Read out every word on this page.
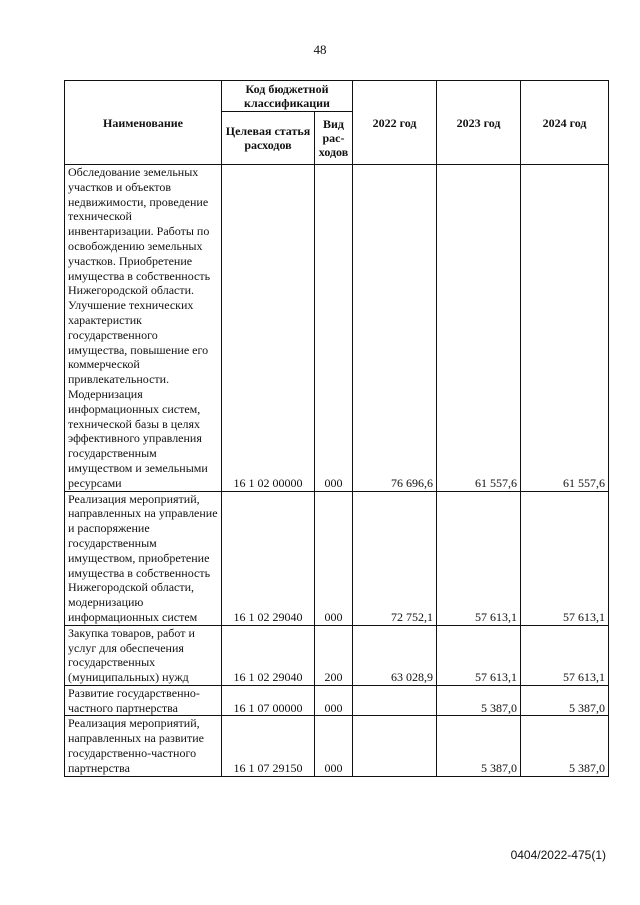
48
Наименование	Код бюджетной классификации		2022 год	2023 год	2024 год
	Целевая статья расходов	Вид рас-ходов			
Обследование земельных участков и объектов недвижимости, проведение технической инвентаризации. Работы по освобождению земельных участков. Приобретение имущества в собственность Нижегородской области. Улучшение технических характеристик государственного имущества, повышение его коммерческой привлекательности. Модернизация информационных систем, технической базы в целях эффективного управления государственным имуществом и земельными ресурсами	16 1 02 00000	000	76 696,6	61 557,6	61 557,6
Реализация мероприятий, направленных на управление и распоряжение государственным имуществом, приобретение имущества в собственность Нижегородской области, модернизацию информационных систем	16 1 02 29040	000	72 752,1	57 613,1	57 613,1
Закупка товаров, работ и услуг для обеспечения государственных (муниципальных) нужд	16 1 02 29040	200	63 028,9	57 613,1	57 613,1
Развитие государственно-частного партнерства	16 1 07 00000	000		5 387,0	5 387,0
Реализация мероприятий, направленных на развитие государственно-частного партнерства	16 1 07 29150	000		5 387,0	5 387,0
0404/2022-475(1)
